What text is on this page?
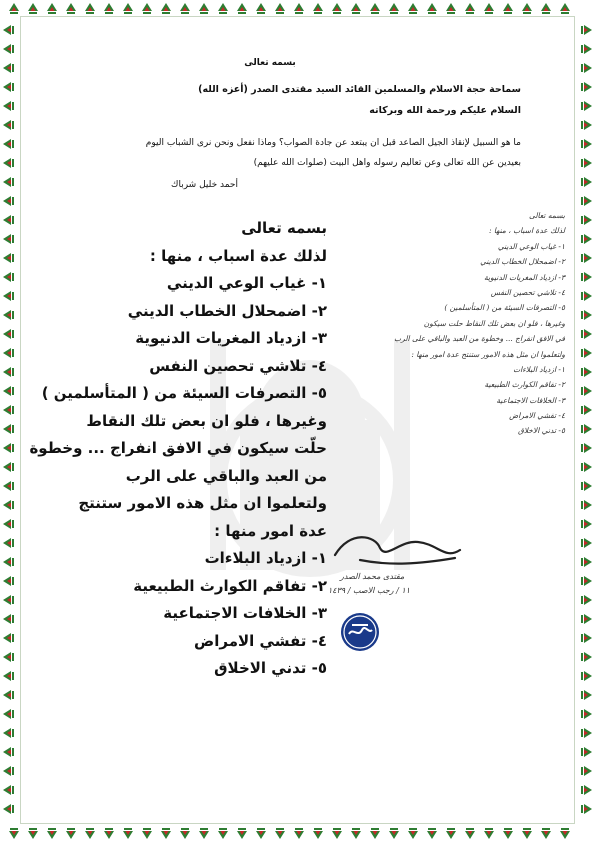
بسمه تعالى
سماحة حجة الاسلام والمسلمين القائد السيد مقتدى الصدر (أعزه الله)
السلام عليكم ورحمة الله وبركاته
ما هو السبيل لإنقاذ الجيل الصاعد قبل ان يبتعد عن جادة الصواب؟ وماذا نفعل ونحن نرى الشباب اليوم
بعيدين عن الله تعالى وعن تعاليم رسوله واهل البيت (صلوات الله عليهم)
أحمد خليل شرباك
بسمه تعالى
لذلك عدة اسباب ، منها :
١- غياب الوعي الديني
٢- اضمحلال الخطاب الديني
٣- ازدياد المغريات الدنيوية
٤- تلاشي تحصين النفس
٥- التصرفات السيئة من ( المتأسلمين )
وغيرها ، فلو ان بعض تلك النقاط
حلّت سيكون في الافق انفراج ... وخطوة
من العبد والباقي على الرب
ولتعلموا ان مثل هذه الامور ستنتج
عدة امور منها :
١- ازدياد البلاءات
٢- تفاقم الكوارث الطبيعية
٣- الخلافات الاجتماعية
٤- تفشي الامراض
٥- تدني الاخلاق
بسمه تعالى
لذلك عدة اسباب ، منها :
١- غياب الوعي الديني
٢- اضمحلال الخطاب الديني
٣- ازدياد المغريات الدنيوية
٤- تلاشي تحصين النفس
٥- التصرفات السيئة من ( المتأسلمين )
وغيرها ، فلو ان بعض تلك النقاط حلت سيكون
في الافق انفراج ... وخطوة من العبد والباقي على الرب
ولتعلموا ان مثل هذه الامور ستنتج عدة امور منها :
١- ازدياد البلاءات
٢- تفاقم الكوارث الطبيعية
٣- الخلافات الاجتماعية
٤- تفشي الامراض
٥- تدني الاخلاق
مقتدى محمد الصدر
١١ / رجب الاصب / ١٤٣٩
